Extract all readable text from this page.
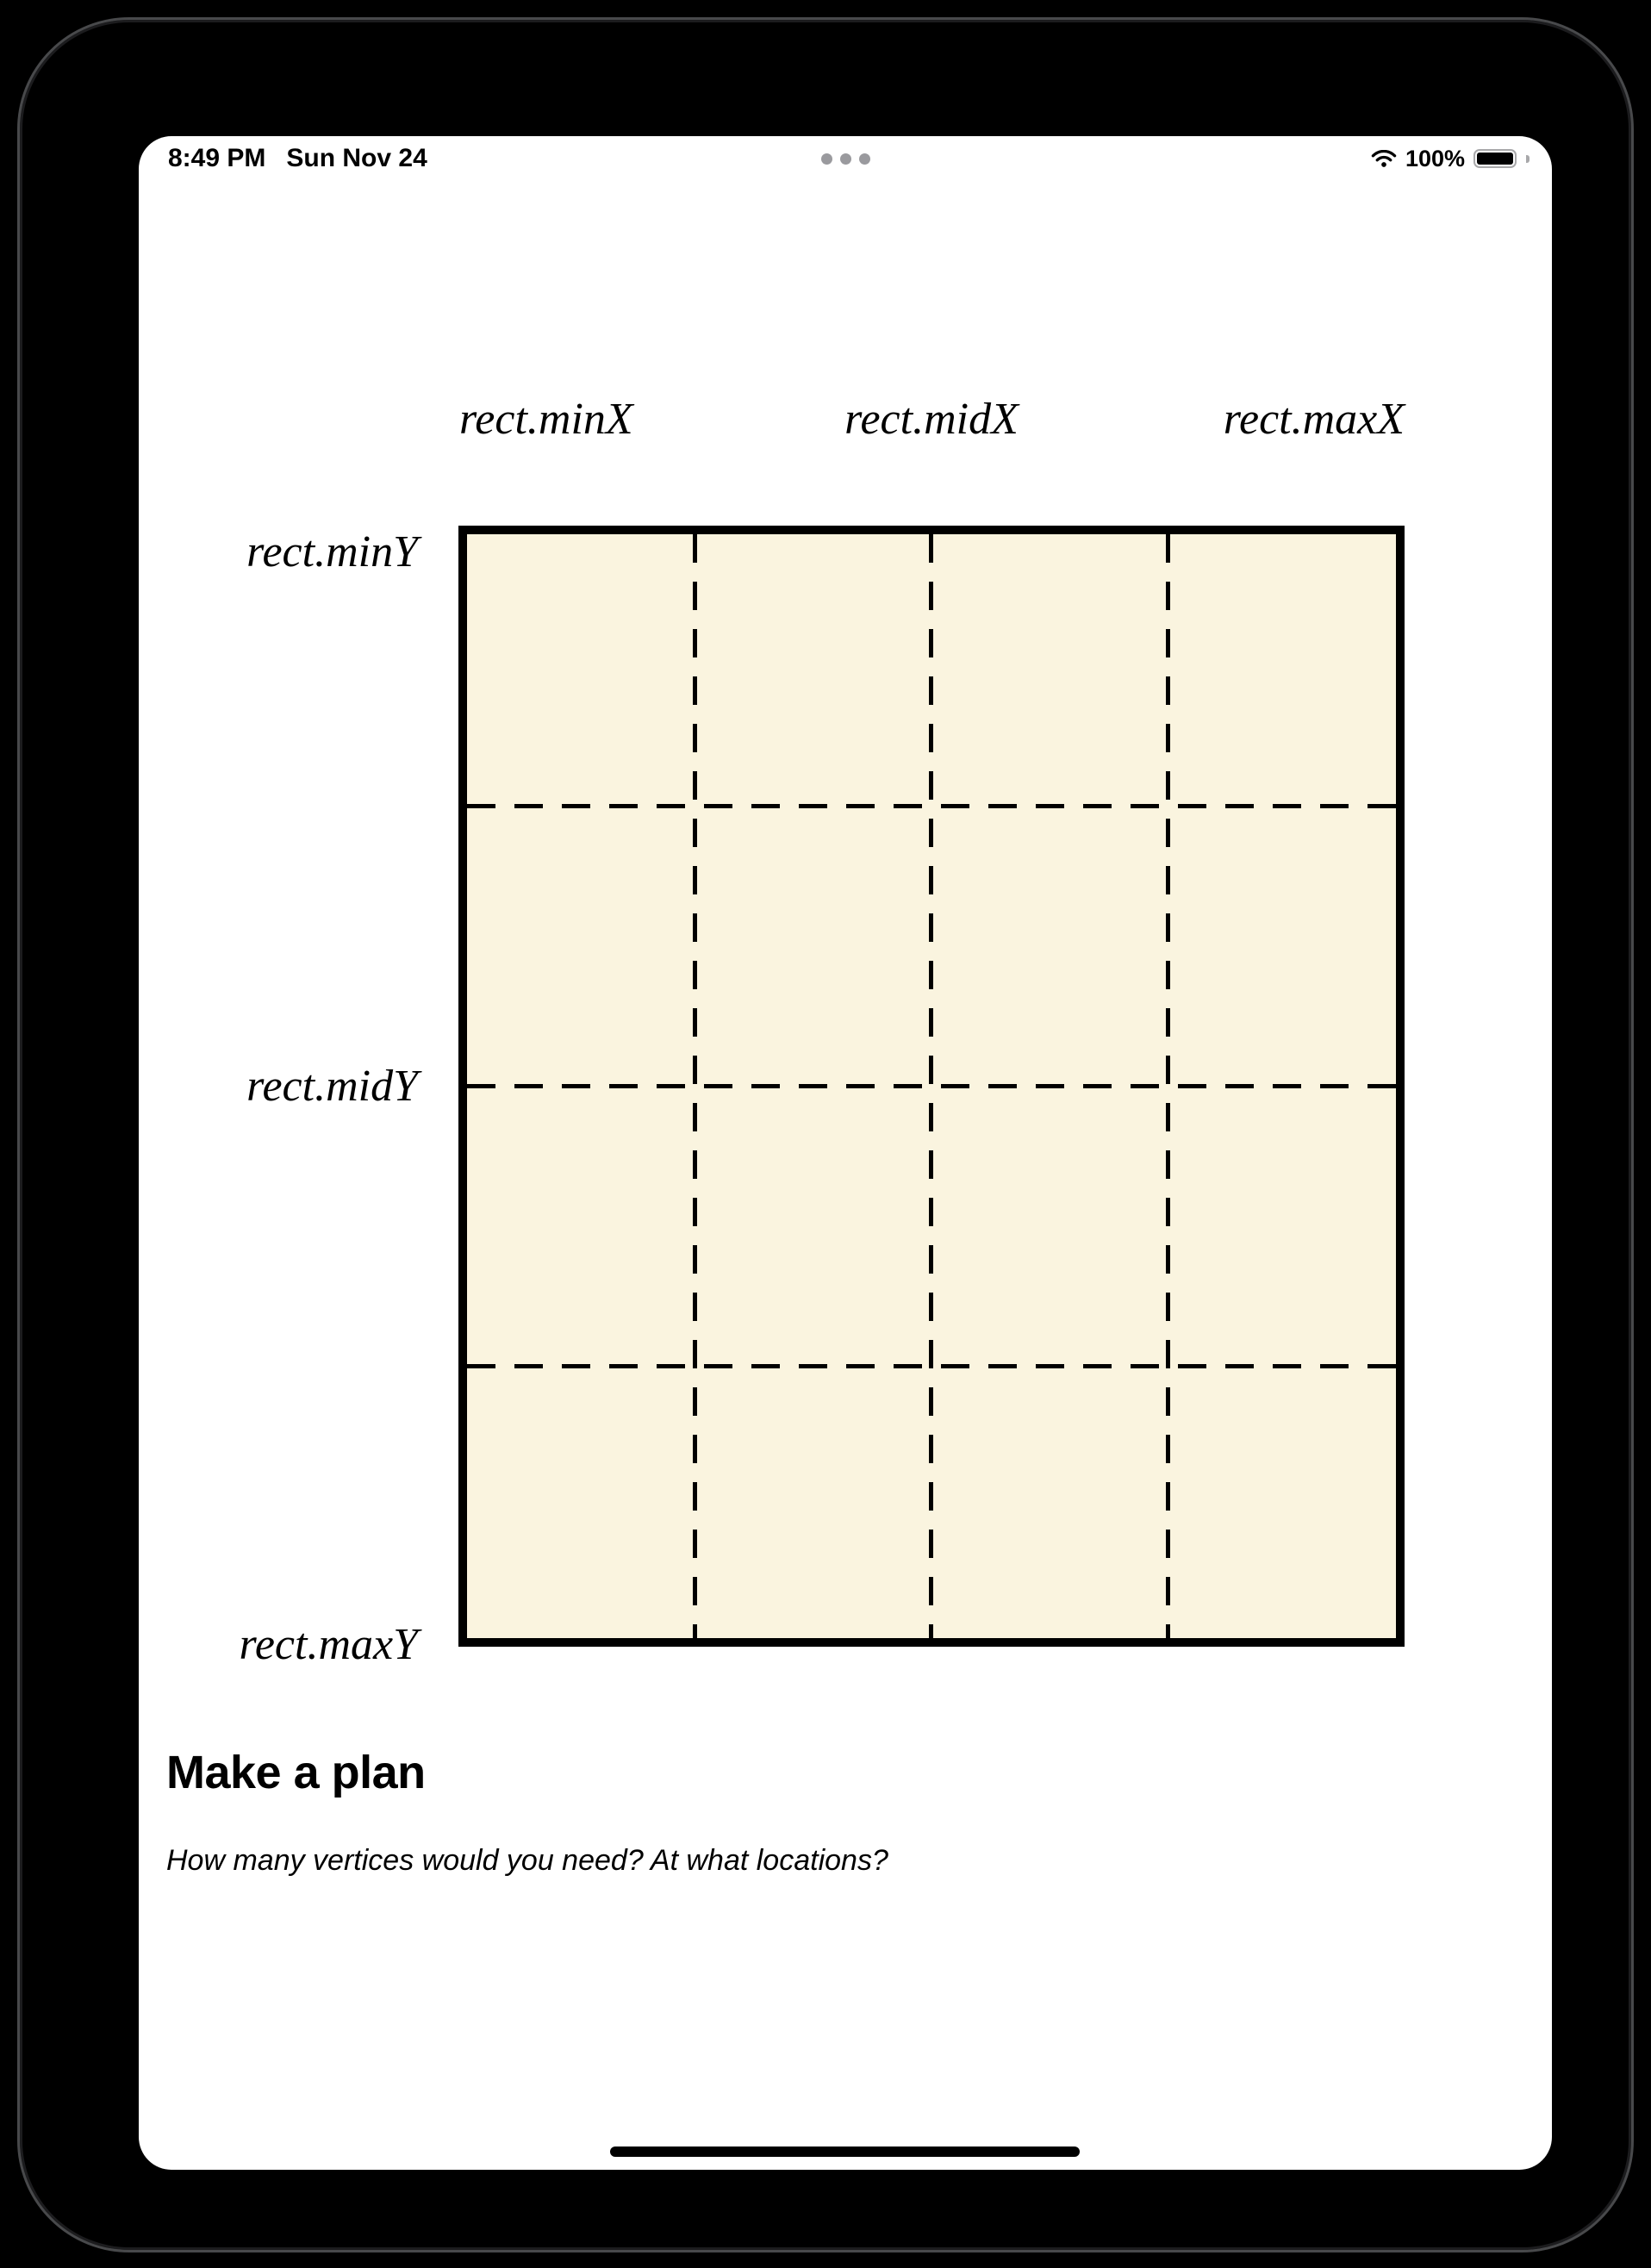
8:49 PM Sun Nov 24	100%
rect.minX	rect.midX	rect.maxX
rect.minY
rect.midY
rect.maxY
Make a plan
How many vertices would you need? At what locations?
